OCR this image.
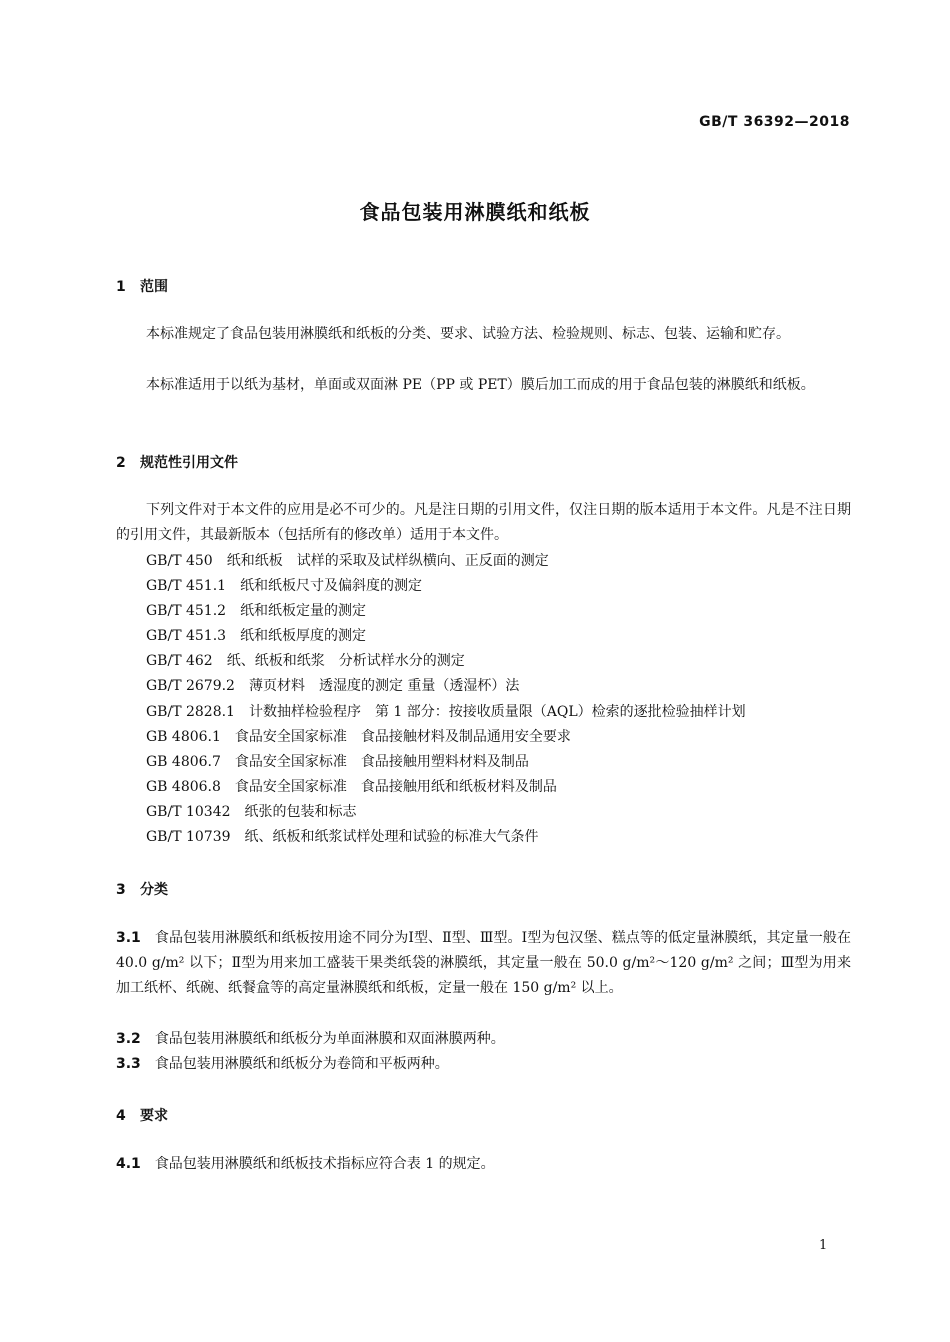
GB/T 36392—2018
食品包装用淋膜纸和纸板
1 范围

本标准规定了食品包装用淋膜纸和纸板的分类、要求、试验方法、检验规则、标志、包装、运输和贮存。

本标准适用于以纸为基材，单面或双面淋 PE（PP 或 PET）膜后加工而成的用于食品包装的淋膜纸和纸板。

2 规范性引用文件

下列文件对于本文件的应用是必不可少的。凡是注日期的引用文件，仅注日期的版本适用于本文件。凡是不注日期的引用文件，其最新版本（包括所有的修改单）适用于本文件。

GB/T 450 纸和纸板　试样的采取及试样纵横向、正反面的测定
GB/T 451.1 纸和纸板尺寸及偏斜度的测定
GB/T 451.2 纸和纸板定量的测定
GB/T 451.3 纸和纸板厚度的测定
GB/T 462 纸、纸板和纸浆　分析试样水分的测定
GB/T 2679.2 薄页材料　透湿度的测定 重量（透湿杯）法
GB/T 2828.1 计数抽样检验程序　第 1 部分：按接收质量限（AQL）检索的逐批检验抽样计划
GB 4806.1 食品安全国家标准　食品接触材料及制品通用安全要求
GB 4806.7 食品安全国家标准　食品接触用塑料材料及制品
GB 4806.8 食品安全国家标准　食品接触用纸和纸板材料及制品
GB/T 10342 纸张的包装和标志
GB/T 10739 纸、纸板和纸浆试样处理和试验的标准大气条件
3 分类

3.1 食品包装用淋膜纸和纸板按用途不同分为Ⅰ型、Ⅱ型、Ⅲ型。Ⅰ型为包汉堡、糕点等的低定量淋膜纸，其定量一般在 40.0 g/m² 以下；Ⅱ型为用来加工盛装干果类纸袋的淋膜纸，其定量一般在 50.0 g/m²～120 g/m² 之间；Ⅲ型为用来加工纸杯、纸碗、纸餐盒等的高定量淋膜纸和纸板，定量一般在 150 g/m² 以上。

3.2 食品包装用淋膜纸和纸板分为单面淋膜和双面淋膜两种。

3.3 食品包装用淋膜纸和纸板分为卷筒和平板两种。

4 要求

4.1 食品包装用淋膜纸和纸板技术指标应符合表 1 的规定。

1
